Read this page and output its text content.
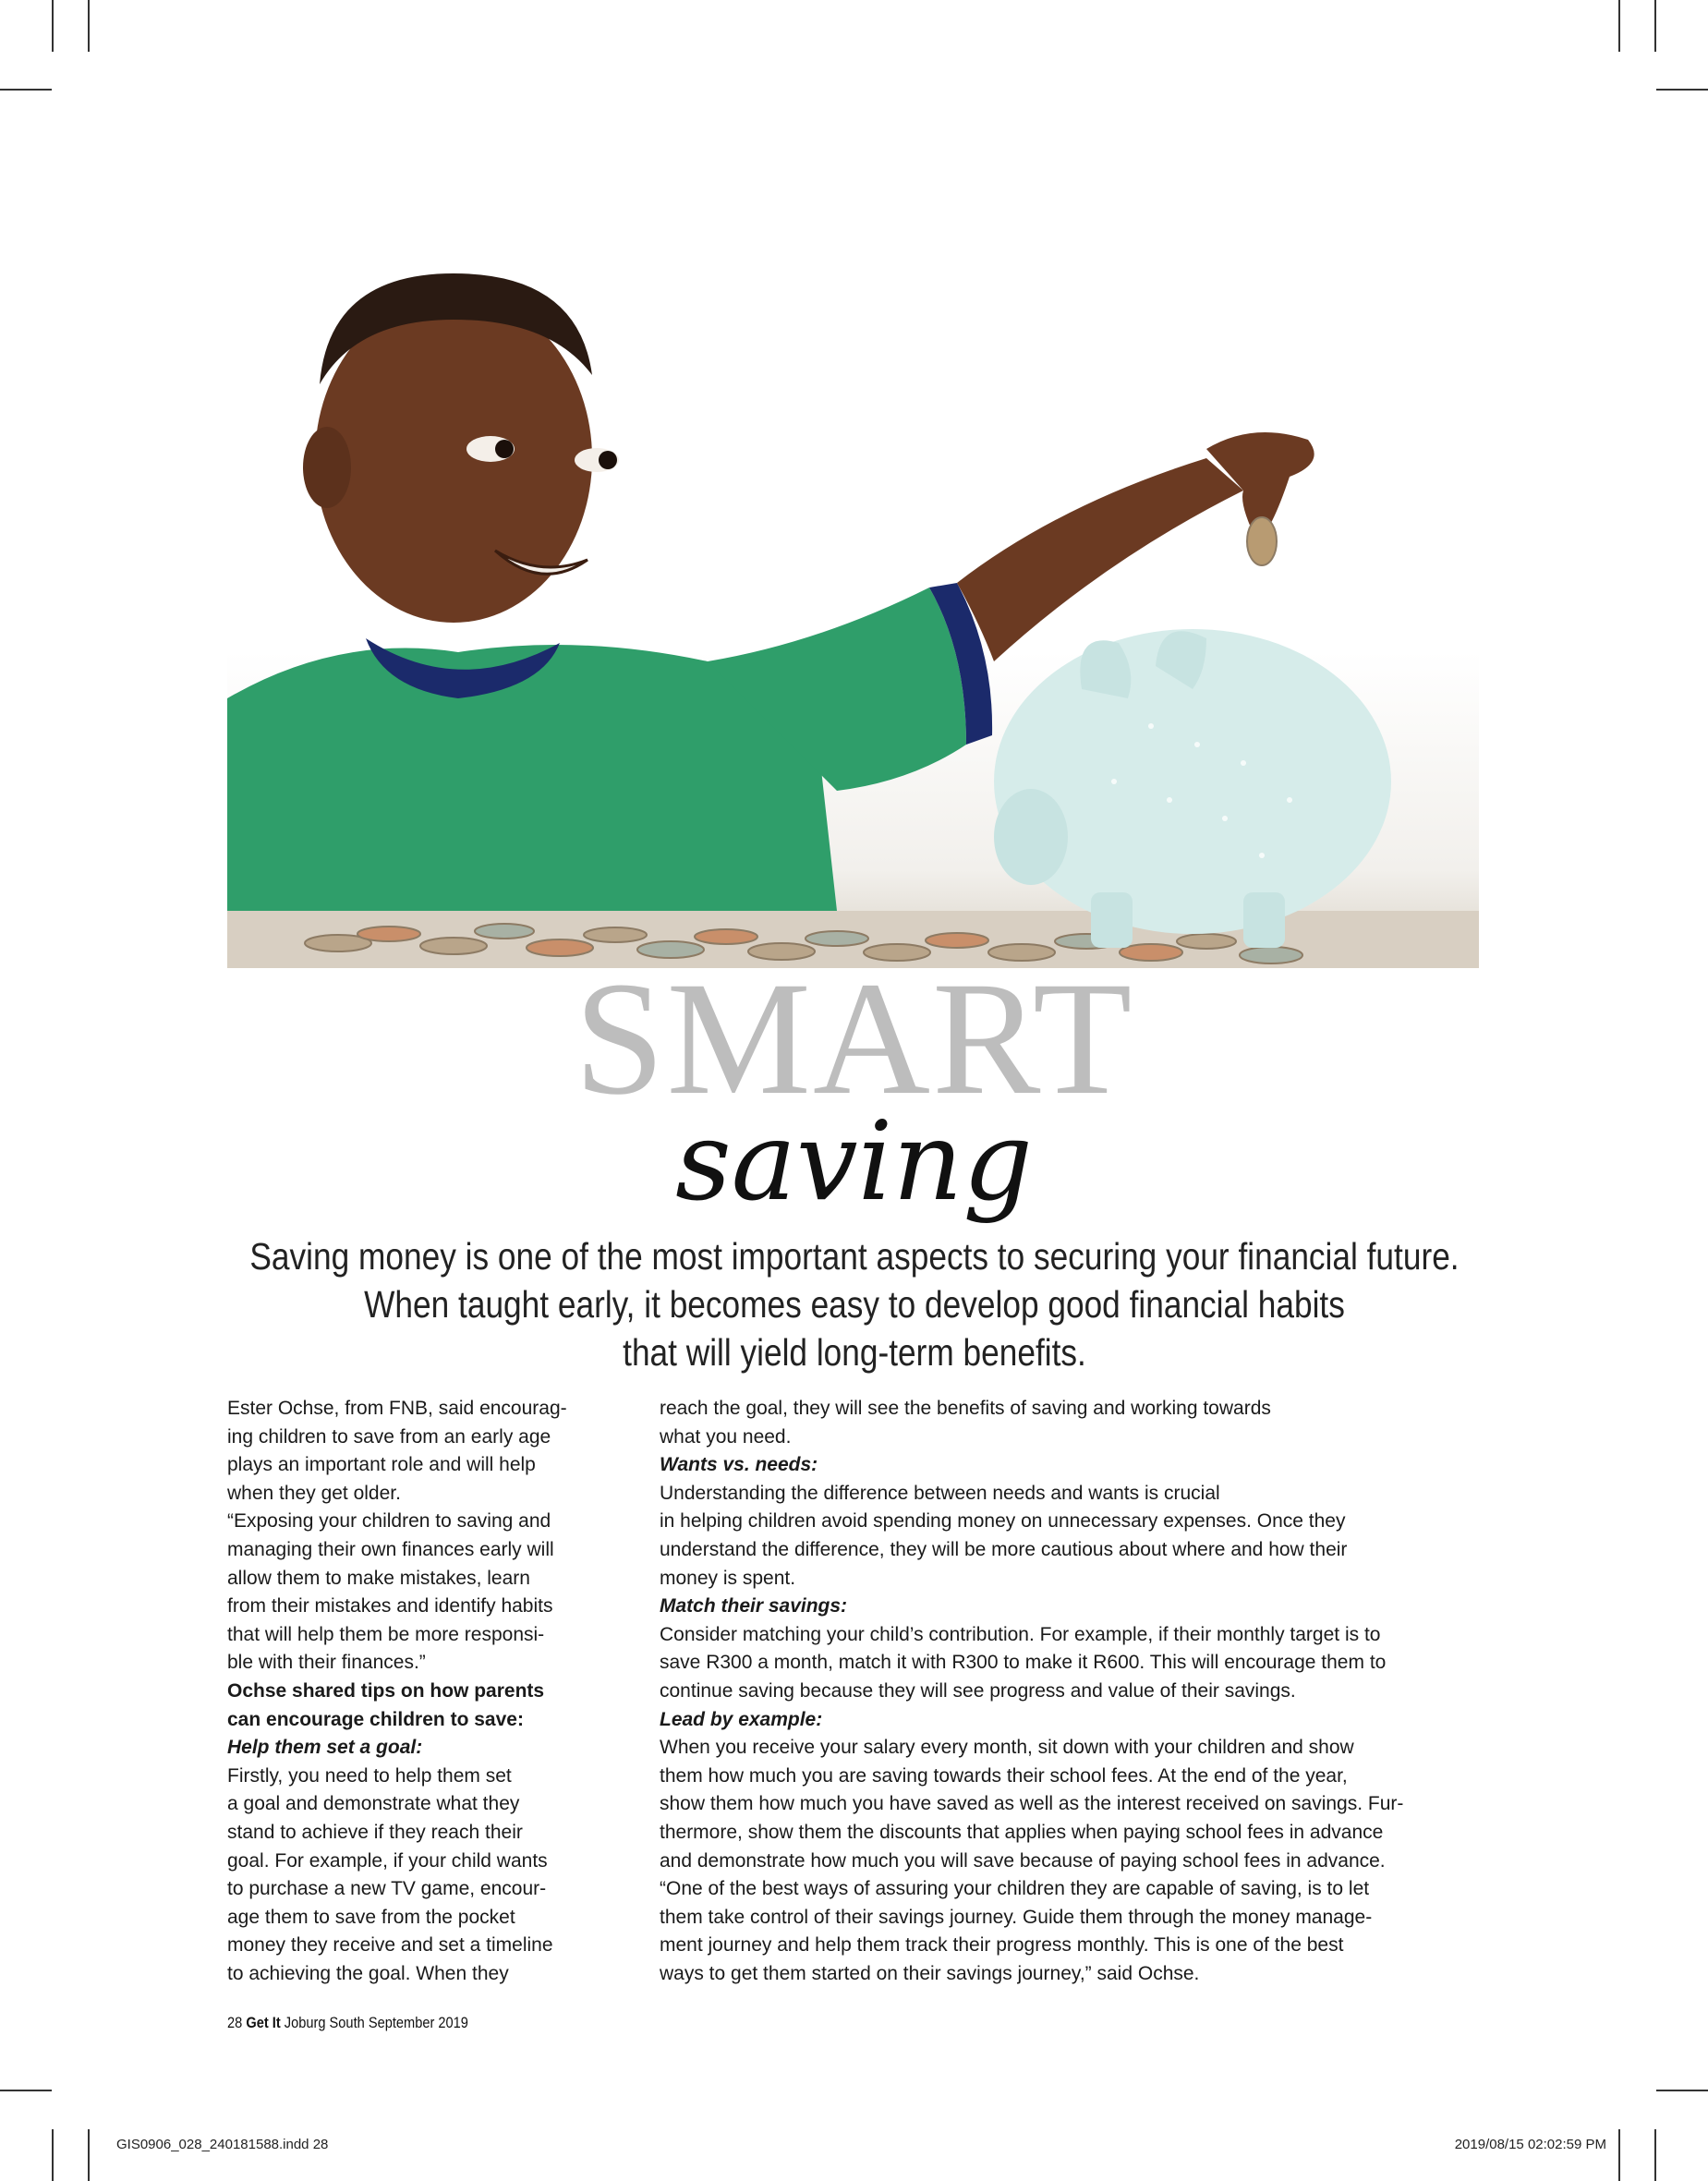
SMART
saving
Saving money is one of the most important aspects to securing your financial future.
When taught early, it becomes easy to develop good financial habits
that will yield long-term benefits.
Ester Ochse, from FNB, said encourag-
ing children to save from an early age
plays an important role and will help
when they get older.
“Exposing your children to saving and
managing their own finances early will
allow them to make mistakes, learn
from their mistakes and identify habits
that will help them be more responsi-
ble with their finances.”
Ochse shared tips on how parents
can encourage children to save:
Help them set a goal:
Firstly, you need to help them set
a goal and demonstrate what they
stand to achieve if they reach their
goal. For example, if your child wants
to purchase a new TV game, encour-
age them to save from the pocket
money they receive and set a timeline
to achieving the goal. When they
reach the goal, they will see the benefits of saving and working towards
what you need.
Wants vs. needs:
Understanding the difference between needs and wants is crucial
in helping children avoid spending money on unnecessary expenses. Once they
understand the difference, they will be more cautious about where and how their
money is spent.
Match their savings:
Consider matching your child’s contribution. For example, if their monthly target is to
save R300 a month, match it with R300 to make it R600. This will encourage them to
continue saving because they will see progress and value of their savings.
Lead by example:
When you receive your salary every month, sit down with your children and show
them how much you are saving towards their school fees. At the end of the year,
show them how much you have saved as well as the interest received on savings. Fur-
thermore, show them the discounts that applies when paying school fees in advance
and demonstrate how much you will save because of paying school fees in advance.
“One of the best ways of assuring your children they are capable of saving, is to let
them take control of their savings journey. Guide them through the money manage-
ment journey and help them track their progress monthly. This is one of the best
ways to get them started on their savings journey,” said Ochse.
28 Get It Joburg South September 2019
GIS0906_028_240181588.indd 28	2019/08/15 02:02:59 PM
